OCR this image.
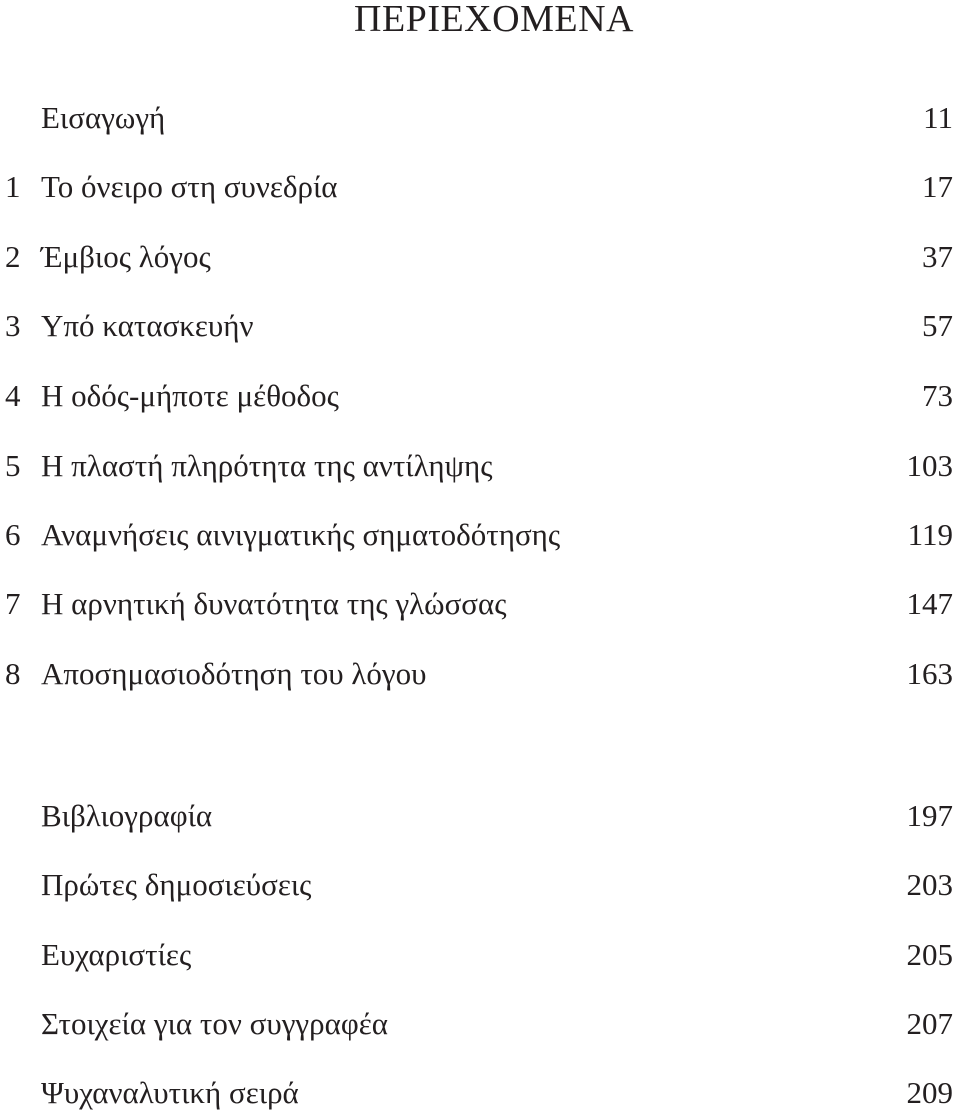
ΠΕΡΙΕΧΟΜΕΝΑ
Εισαγωγή	11
1 Το όνειρο στη συνεδρία	17
2 Έμβιος λόγος	37
3 Υπό κατασκευήν	57
4 Η οδός-μήποτε μέθοδος	73
5 Η πλαστή πληρότητα της αντίληψης	103
6 Αναμνήσεις αινιγματικής σηματοδότησης	119
7 Η αρνητική δυνατότητα της γλώσσας	147
8 Αποσημασιοδότηση του λόγου	163
Βιβλιογραφία	197
Πρώτες δημοσιεύσεις	203
Ευχαριστίες	205
Στοιχεία για τον συγγραφέα	207
Ψυχαναλυτική σειρά	209
